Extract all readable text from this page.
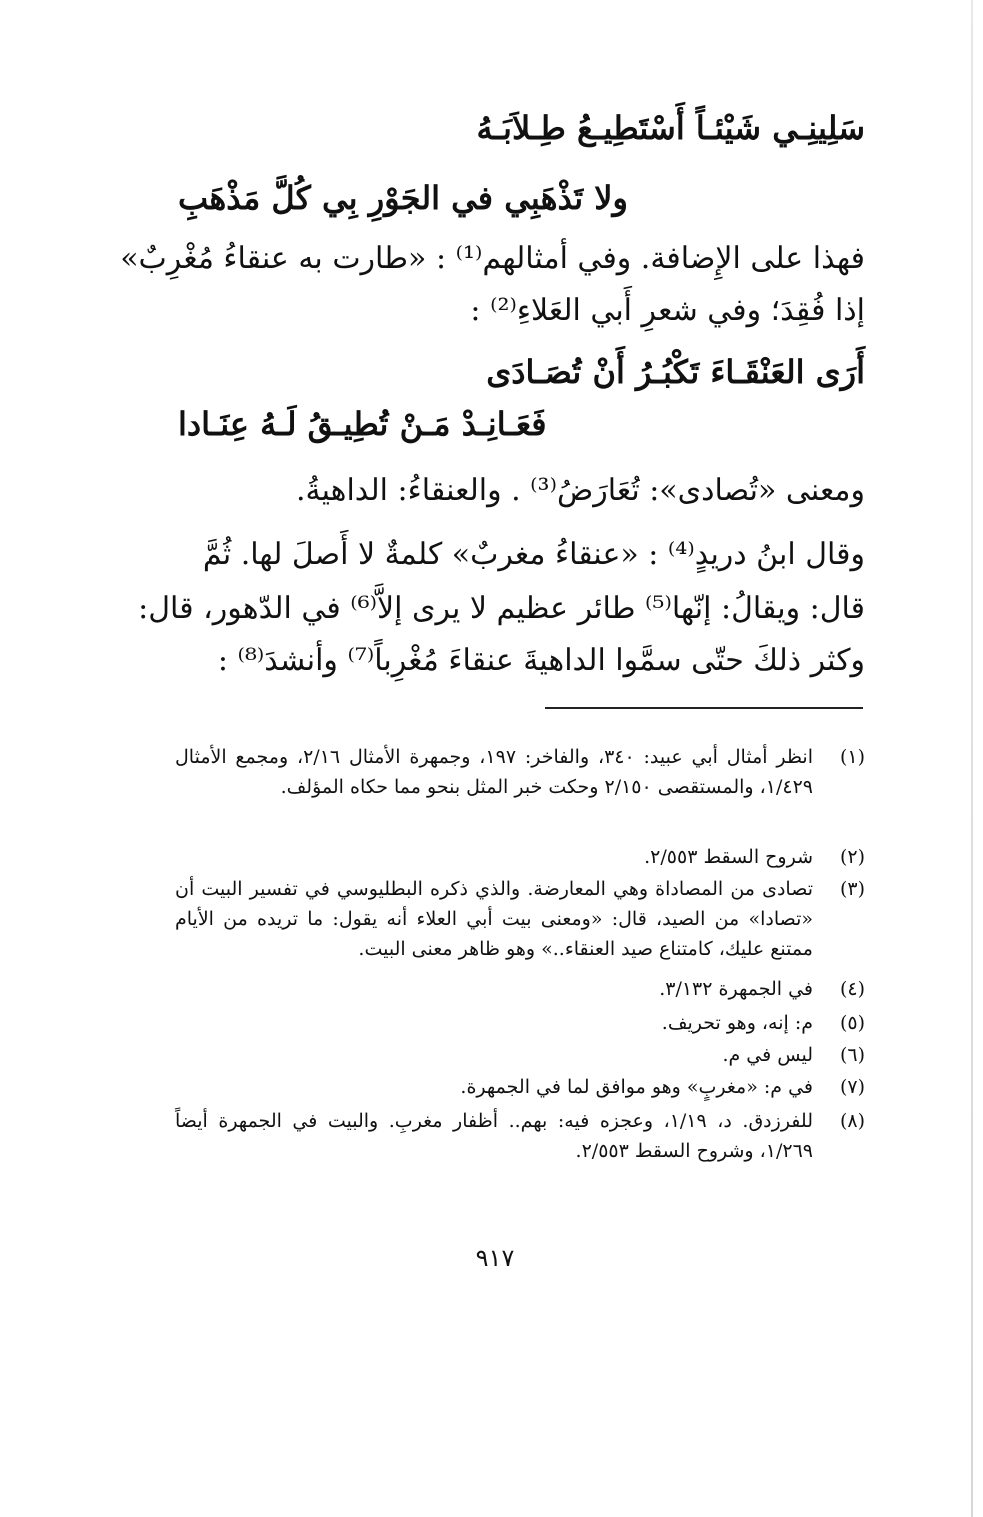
سَلِينِـي شَيْئـاً أَسْتَطِيـعُ طِـلاَبَـهُ
ولا تَذْهَبِي في الجَوْرِ بِي كُلَّ مَذْهَبِ
فهذا على الإِضافة. وفي أمثالهم⁽¹⁾ : «طارت به عنقاءُ مُغْرِبٌ»
إذا فُقِدَ؛ وفي شعرِ أَبي العَلاءِ⁽²⁾ :
أَرَى العَنْقَـاءَ تَكْبُـرُ أَنْ تُصَـادَى
فَعَـانِـدْ مَـنْ تُطِيـقُ لَـهُ عِنَـادا
ومعنى «تُصادى»: تُعَارَضُ⁽³⁾ . والعنقاءُ: الداهيةُ.
وقال ابنُ دريدٍ⁽⁴⁾ : «عنقاءُ مغربٌ» كلمةٌ لا أَصلَ لها. ثُمَّ
قال: ويقالُ: إنّها⁽⁵⁾ طائر عظيم لا يرى إلاَّ⁽⁶⁾ في الدّهور، قال:
وكثر ذلكَ حتّى سمَّوا الداهيةَ عنقاءَ مُغْرِباً⁽⁷⁾ وأنشدَ⁽⁸⁾ :
(١)
انظر أمثال أبي عبيد: ٣٤٠، والفاخر: ١٩٧، وجمهرة الأمثال ٢/١٦، ومجمع الأمثال ١/٤٢٩، والمستقصى ٢/١٥٠ وحكت خبر المثل بنحو مما حكاه المؤلف.
(٢)
شروح السقط ٢/٥٥٣.
(٣)
تصادى من المصاداة وهي المعارضة. والذي ذكره البطليوسي في تفسير البيت أن «تصادا» من الصيد، قال: «ومعنى بيت أبي العلاء أنه يقول: ما تريده من الأيام ممتنع عليك، كامتناع صيد العنقاء..» وهو ظاهر معنى البيت.
(٤)
في الجمهرة ٣/١٣٢.
(٥)
م: إنه، وهو تحريف.
(٦)
ليس في م.
(٧)
في م: «مغربٍ» وهو موافق لما في الجمهرة.
(٨)
للفرزدق. د، ١/١٩، وعجزه فيه: بهم.. أظفار مغربِ. والبيت في الجمهرة أيضاً ١/٢٦٩، وشروح السقط ٢/٥٥٣.
٩١٧
